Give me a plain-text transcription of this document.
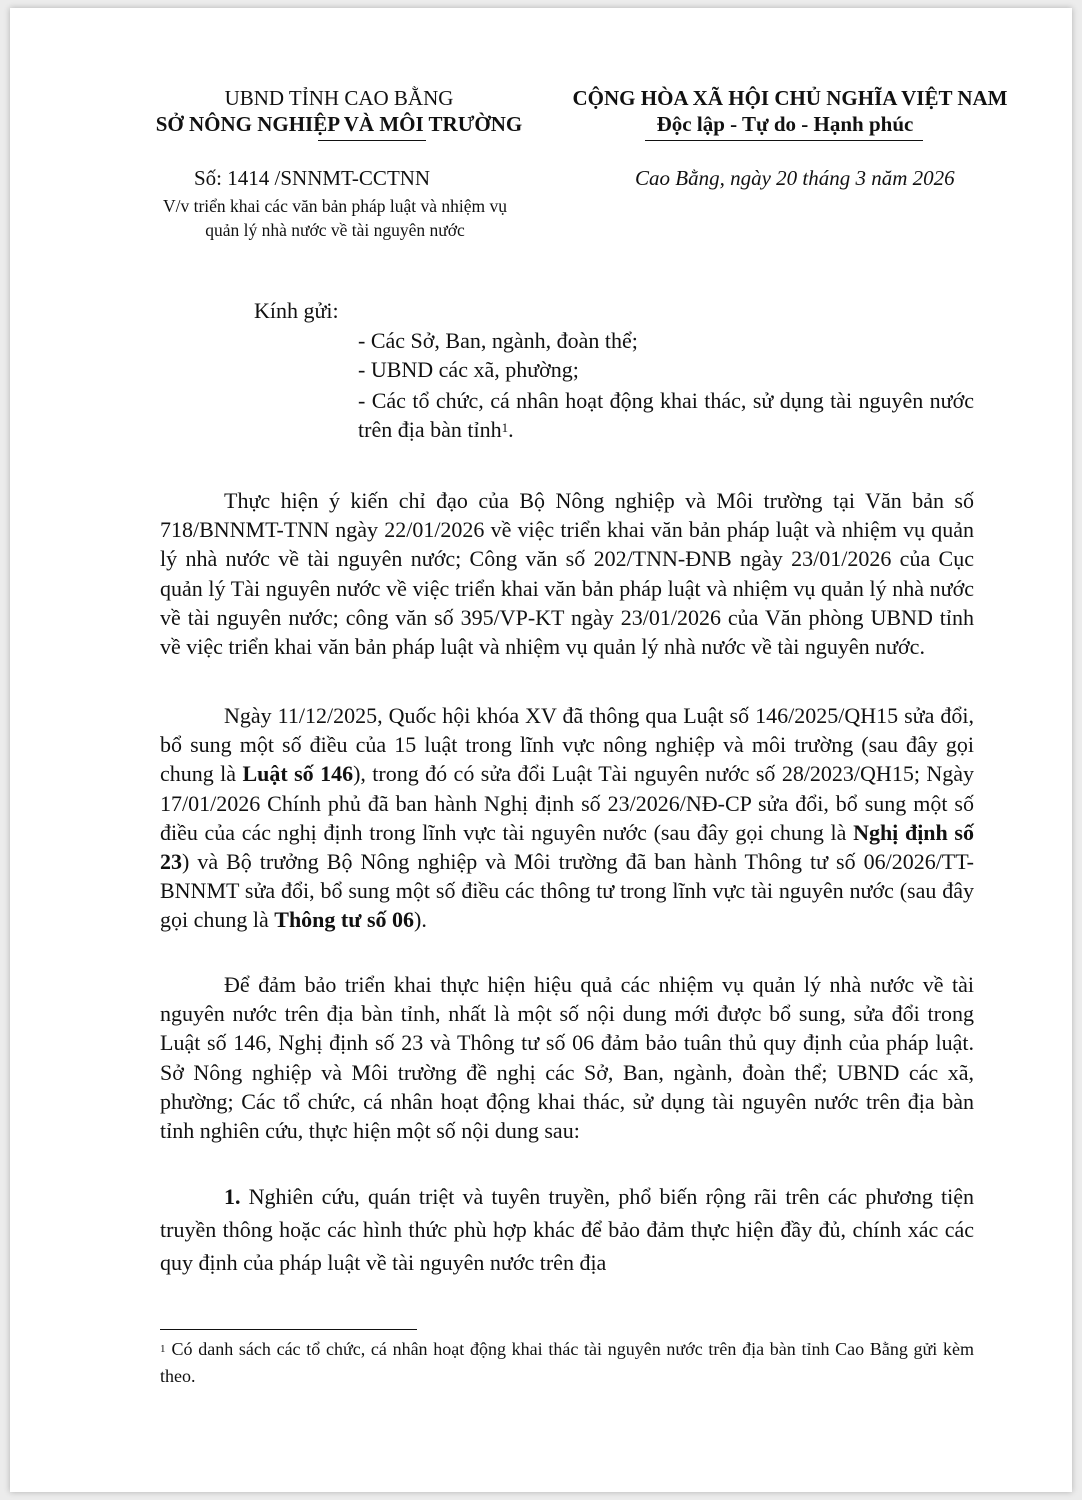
UBND TỈNH CAO BẰNG
SỞ NÔNG NGHIỆP VÀ MÔI TRƯỜNG
CỘNG HÒA XÃ HỘI CHỦ NGHĨA VIỆT NAM
Độc lập - Tự do - Hạnh phúc
Số: 1414 /SNNMT-CCTNN
V/v triển khai các văn bản pháp luật và nhiệm vụ
quản lý nhà nước về tài nguyên nước
Cao Bằng, ngày 20 tháng 3 năm 2026
Kính gửi:
- Các Sở, Ban, ngành, đoàn thể;
- UBND các xã, phường;
- Các tổ chức, cá nhân hoạt động khai thác, sử dụng tài nguyên nước trên địa bàn tỉnh$^1$.
Thực hiện ý kiến chỉ đạo của Bộ Nông nghiệp và Môi trường tại Văn bản số 718/BNNMT-TNN ngày 22/01/2026 về việc triển khai văn bản pháp luật và nhiệm vụ quản lý nhà nước về tài nguyên nước; Công văn số 202/TNN-ĐNB ngày 23/01/2026 của Cục quản lý Tài nguyên nước về việc triển khai văn bản pháp luật và nhiệm vụ quản lý nhà nước về tài nguyên nước; công văn số 395/VP-KT ngày 23/01/2026 của Văn phòng UBND tỉnh về việc triển khai văn bản pháp luật và nhiệm vụ quản lý nhà nước về tài nguyên nước.
Ngày 11/12/2025, Quốc hội khóa XV đã thông qua Luật số 146/2025/QH15 sửa đổi, bổ sung một số điều của 15 luật trong lĩnh vực nông nghiệp và môi trường (sau đây gọi chung là Luật số 146), trong đó có sửa đổi Luật Tài nguyên nước số 28/2023/QH15; Ngày 17/01/2026 Chính phủ đã ban hành Nghị định số 23/2026/NĐ-CP sửa đổi, bổ sung một số điều của các nghị định trong lĩnh vực tài nguyên nước (sau đây gọi chung là Nghị định số 23) và Bộ trưởng Bộ Nông nghiệp và Môi trường đã ban hành Thông tư số 06/2026/TT-BNNMT sửa đổi, bổ sung một số điều các thông tư trong lĩnh vực tài nguyên nước (sau đây gọi chung là Thông tư số 06).
Để đảm bảo triển khai thực hiện hiệu quả các nhiệm vụ quản lý nhà nước về tài nguyên nước trên địa bàn tỉnh, nhất là một số nội dung mới được bổ sung, sửa đổi trong Luật số 146, Nghị định số 23 và Thông tư số 06 đảm bảo tuân thủ quy định của pháp luật. Sở Nông nghiệp và Môi trường đề nghị các Sở, Ban, ngành, đoàn thể; UBND các xã, phường; Các tổ chức, cá nhân hoạt động khai thác, sử dụng tài nguyên nước trên địa bàn tỉnh nghiên cứu, thực hiện một số nội dung sau:
1. Nghiên cứu, quán triệt và tuyên truyền, phổ biến rộng rãi trên các phương tiện truyền thông hoặc các hình thức phù hợp khác để bảo đảm thực hiện đầy đủ, chính xác các quy định của pháp luật về tài nguyên nước trên địa
$^1$ Có danh sách các tổ chức, cá nhân hoạt động khai thác tài nguyên nước trên địa bàn tỉnh Cao Bằng gửi kèm theo.
